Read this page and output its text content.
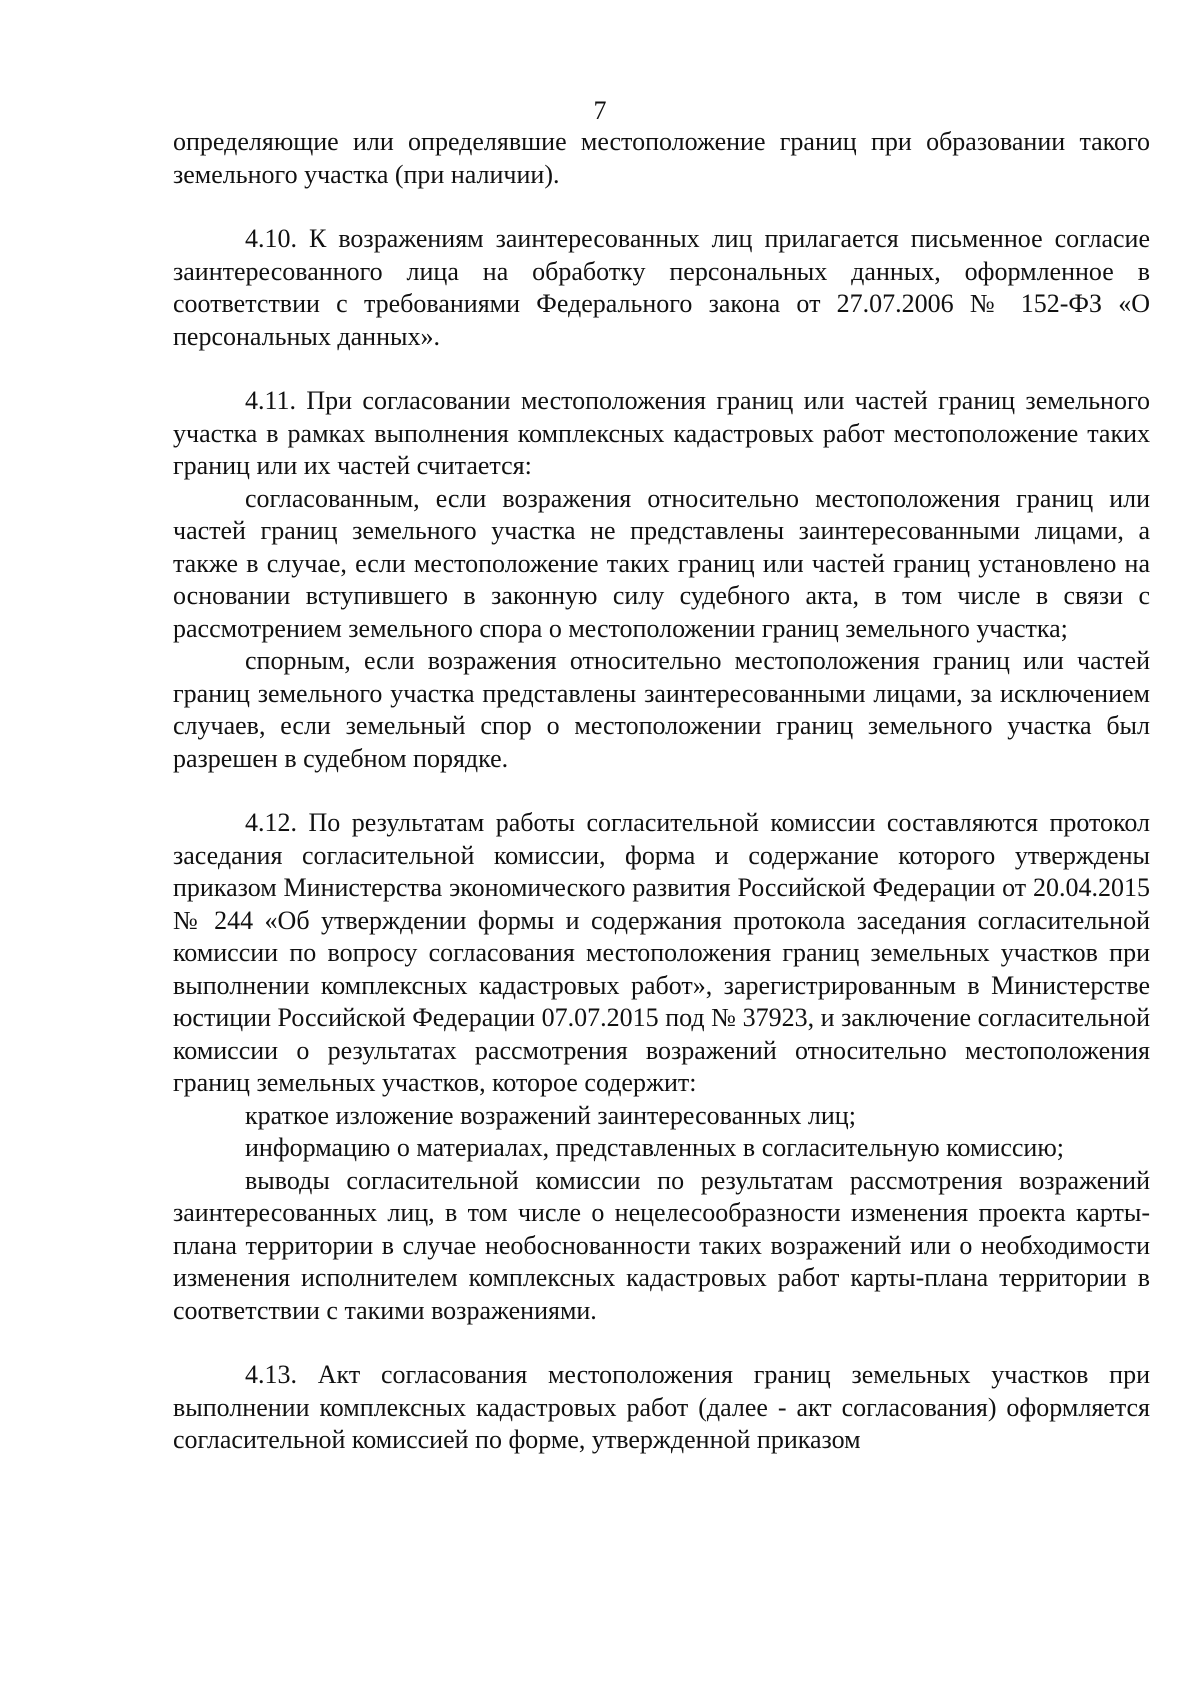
7

определяющие или определявшие местоположение границ при образовании такого земельного участка (при наличии).

4.10. К возражениям заинтересованных лиц прилагается письменное согласие заинтересованного лица на обработку персональных данных, оформленное в соответствии с требованиями Федерального закона от 27.07.2006 № 152-ФЗ «О персональных данных».

4.11. При согласовании местоположения границ или частей границ земельного участка в рамках выполнения комплексных кадастровых работ местоположение таких границ или их частей считается:

согласованным, если возражения относительно местоположения границ или частей границ земельного участка не представлены заинтересованными лицами, а также в случае, если местоположение таких границ или частей границ установлено на основании вступившего в законную силу судебного акта, в том числе в связи с рассмотрением земельного спора о местоположении границ земельного участка;

спорным, если возражения относительно местоположения границ или частей границ земельного участка представлены заинтересованными лицами, за исключением случаев, если земельный спор о местоположении границ земельного участка был разрешен в судебном порядке.

4.12. По результатам работы согласительной комиссии составляются протокол заседания согласительной комиссии, форма и содержание которого утверждены приказом Министерства экономического развития Российской Федерации от 20.04.2015 № 244 «Об утверждении формы и содержания протокола заседания согласительной комиссии по вопросу согласования местоположения границ земельных участков при выполнении комплексных кадастровых работ», зарегистрированным в Министерстве юстиции Российской Федерации 07.07.2015 под № 37923, и заключение согласительной комиссии о результатах рассмотрения возражений относительно местоположения границ земельных участков, которое содержит:

краткое изложение возражений заинтересованных лиц;

информацию о материалах, представленных в согласительную комиссию;

выводы согласительной комиссии по результатам рассмотрения возражений заинтересованных лиц, в том числе о нецелесообразности изменения проекта карты-плана территории в случае необоснованности таких возражений или о необходимости изменения исполнителем комплексных кадастровых работ карты-плана территории в соответствии с такими возражениями.

4.13. Акт согласования местоположения границ земельных участков при выполнении комплексных кадастровых работ (далее - акт согласования) оформляется согласительной комиссией по форме, утвержденной приказом
